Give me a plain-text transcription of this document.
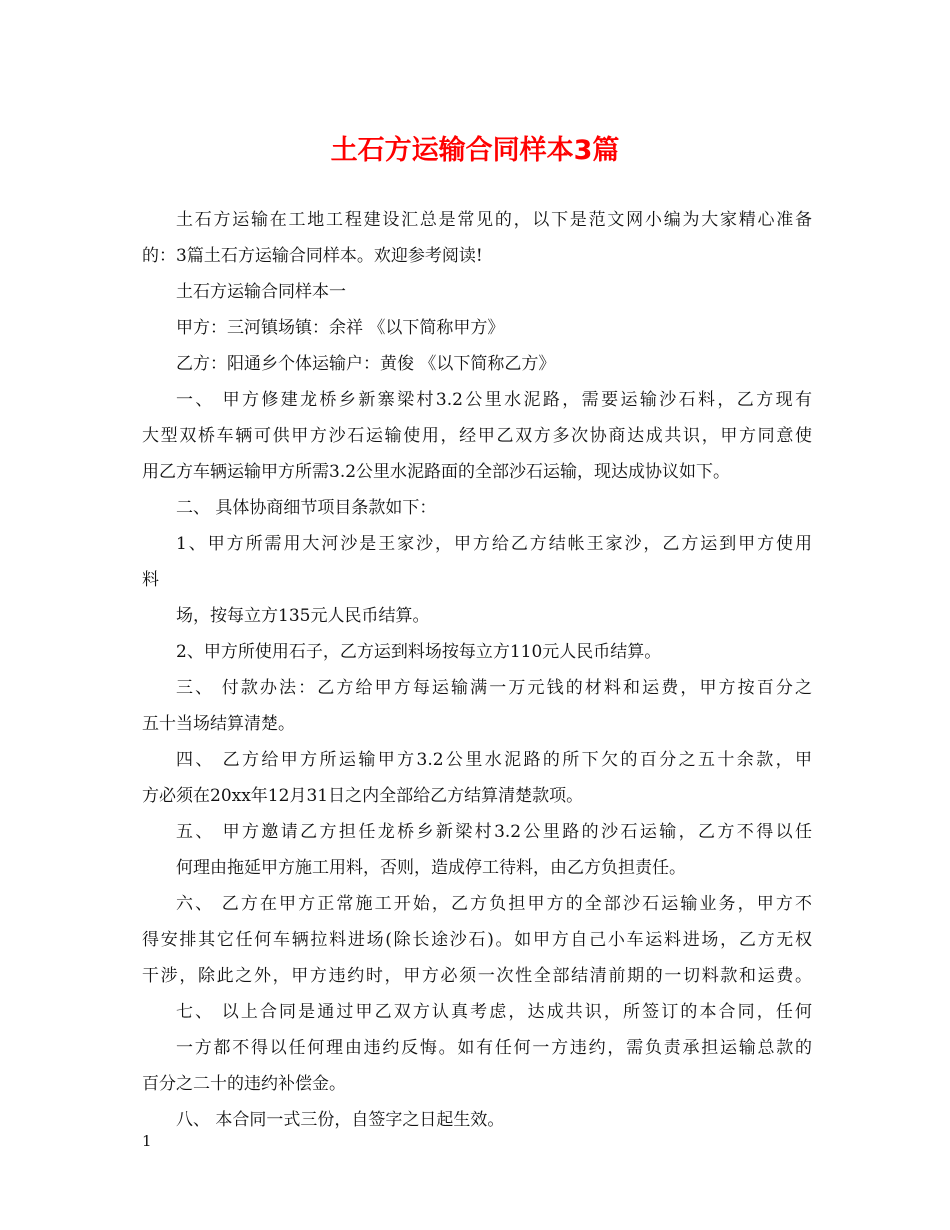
土石方运输合同样本3篇
土石方运输在工地工程建设汇总是常见的，以下是范文网小编为大家精心准备
的：3篇土石方运输合同样本。欢迎参考阅读!
土石方运输合同样本一
甲方：三河镇场镇：余祥 《以下简称甲方》
乙方：阳通乡个体运输户：黄俊 《以下简称乙方》
一、 甲方修建龙桥乡新寨梁村3.2公里水泥路，需要运输沙石料，乙方现有
大型双桥车辆可供甲方沙石运输使用，经甲乙双方多次协商达成共识，甲方同意使
用乙方车辆运输甲方所需3.2公里水泥路面的全部沙石运输，现达成协议如下。
二、 具体协商细节项目条款如下：
1、甲方所需用大河沙是王家沙，甲方给乙方结帐王家沙，乙方运到甲方使用
料
场，按每立方135元人民币结算。
2、甲方所使用石子，乙方运到料场按每立方110元人民币结算。
三、 付款办法：乙方给甲方每运输满一万元钱的材料和运费，甲方按百分之
五十当场结算清楚。
四、 乙方给甲方所运输甲方3.2公里水泥路的所下欠的百分之五十余款，甲
方必须在20xx年12月31日之内全部给乙方结算清楚款项。
五、 甲方邀请乙方担任龙桥乡新梁村3.2公里路的沙石运输，乙方不得以任
何理由拖延甲方施工用料，否则，造成停工待料，由乙方负担责任。
六、 乙方在甲方正常施工开始，乙方负担甲方的全部沙石运输业务，甲方不
得安排其它任何车辆拉料进场(除长途沙石)。如甲方自己小车运料进场，乙方无权
干涉，除此之外，甲方违约时，甲方必须一次性全部结清前期的一切料款和运费。
七、 以上合同是通过甲乙双方认真考虑，达成共识，所签订的本合同，任何
一方都不得以任何理由违约反悔。如有任何一方违约，需负责承担运输总款的
百分之二十的违约补偿金。
八、 本合同一式三份，自签字之日起生效。
1
